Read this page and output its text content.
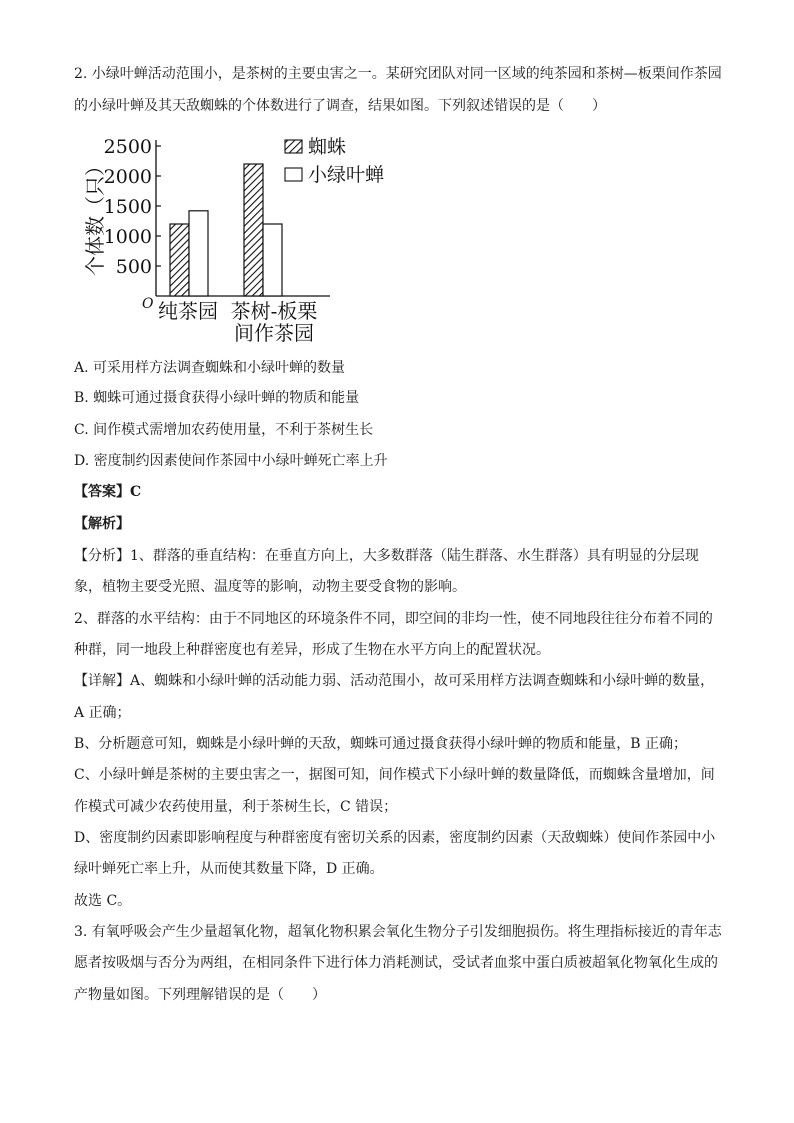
2. 小绿叶蝉活动范围小，是茶树的主要虫害之一。某研究团队对同一区域的纯茶园和茶树—板栗间作茶园
的小绿叶蝉及其天敌蜘蛛的个体数进行了调查，结果如图。下列叙述错误的是（　　）
个体数（只）
O
500
1000
1500
2000
2500
纯茶园 茶树-板栗
间作茶园
蜘蛛
小绿叶蝉
A. 可采用样方法调查蜘蛛和小绿叶蝉的数量
B. 蜘蛛可通过摄食获得小绿叶蝉的物质和能量
C. 间作模式需增加农药使用量，不利于茶树生长
D. 密度制约因素使间作茶园中小绿叶蝉死亡率上升
【答案】C
【解析】
【分析】1、群落的垂直结构：在垂直方向上，大多数群落（陆生群落、水生群落）具有明显的分层现
象，植物主要受光照、温度等的影响，动物主要受食物的影响。
2、群落的水平结构：由于不同地区的环境条件不同，即空间的非均一性，使不同地段往往分布着不同的
种群，同一地段上种群密度也有差异，形成了生物在水平方向上的配置状况。
【详解】A、蜘蛛和小绿叶蝉的活动能力弱、活动范围小，故可采用样方法调查蜘蛛和小绿叶蝉的数量，
A 正确；
B、分析题意可知，蜘蛛是小绿叶蝉的天敌，蜘蛛可通过摄食获得小绿叶蝉的物质和能量，B 正确；
C、小绿叶蝉是茶树的主要虫害之一，据图可知，间作模式下小绿叶蝉的数量降低，而蜘蛛含量增加，间
作模式可减少农药使用量，利于茶树生长，C 错误；
D、密度制约因素即影响程度与种群密度有密切关系的因素，密度制约因素（天敌蜘蛛）使间作茶园中小
绿叶蝉死亡率上升，从而使其数量下降，D 正确。
故选 C。
3. 有氧呼吸会产生少量超氧化物，超氧化物积累会氧化生物分子引发细胞损伤。将生理指标接近的青年志
愿者按吸烟与否分为两组，在相同条件下进行体力消耗测试，受试者血浆中蛋白质被超氧化物氧化生成的
产物量如图。下列理解错误的是（　　）
